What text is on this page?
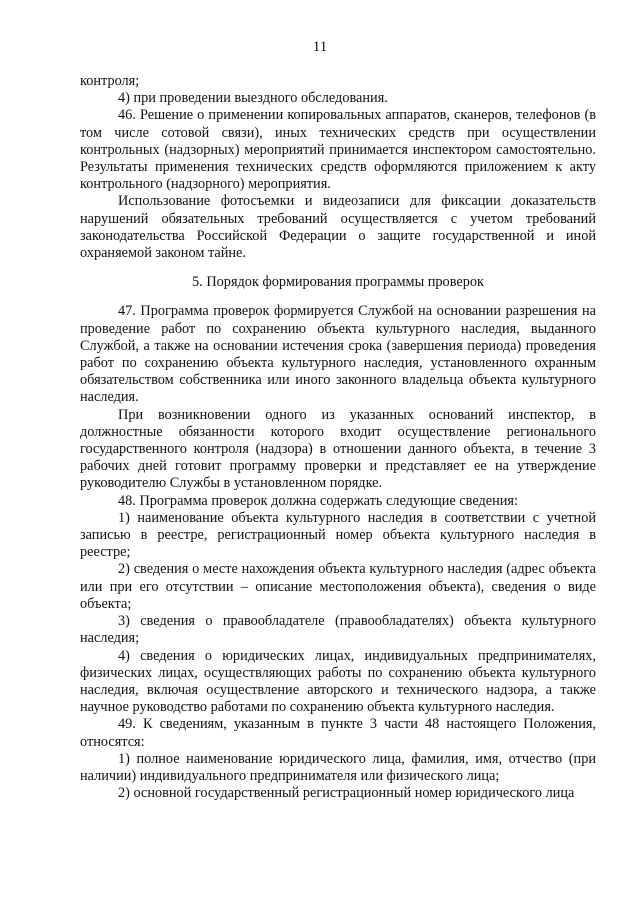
11

контроля;

4) при проведении выездного обследования.

46. Решение о применении копировальных аппаратов, сканеров, телефонов (в том числе сотовой связи), иных технических средств при осуществлении контрольных (надзорных) мероприятий принимается инспектором самостоятельно. Результаты применения технических средств оформляются приложением к акту контрольного (надзорного) мероприятия.

Использование фотосъемки и видеозаписи для фиксации доказательств нарушений обязательных требований осуществляется с учетом требований законодательства Российской Федерации о защите государственной и иной охраняемой законом тайне.

5. Порядок формирования программы проверок

47. Программа проверок формируется Службой на основании разрешения на проведение работ по сохранению объекта культурного наследия, выданного Службой, а также на основании истечения срока (завершения периода) проведения работ по сохранению объекта культурного наследия, установленного охранным обязательством собственника или иного законного владельца объекта культурного наследия.

При возникновении одного из указанных оснований инспектор, в должностные обязанности которого входит осуществление регионального государственного контроля (надзора) в отношении данного объекта, в течение 3 рабочих дней готовит программу проверки и представляет ее на утверждение руководителю Службы в установленном порядке.

48. Программа проверок должна содержать следующие сведения:

1) наименование объекта культурного наследия в соответствии с учетной записью в реестре, регистрационный номер объекта культурного наследия в реестре;

2) сведения о месте нахождения объекта культурного наследия (адрес объекта или при его отсутствии – описание местоположения объекта), сведения о виде объекта;

3) сведения о правообладателе (правообладателях) объекта культурного наследия;

4) сведения о юридических лицах, индивидуальных предпринимателях, физических лицах, осуществляющих работы по сохранению объекта культурного наследия, включая осуществление авторского и технического надзора, а также научное руководство работами по сохранению объекта культурного наследия.

49. К сведениям, указанным в пункте 3 части 48 настоящего Положения, относятся:

1) полное наименование юридического лица, фамилия, имя, отчество (при наличии) индивидуального предпринимателя или физического лица;

2) основной государственный регистрационный номер юридического лица
